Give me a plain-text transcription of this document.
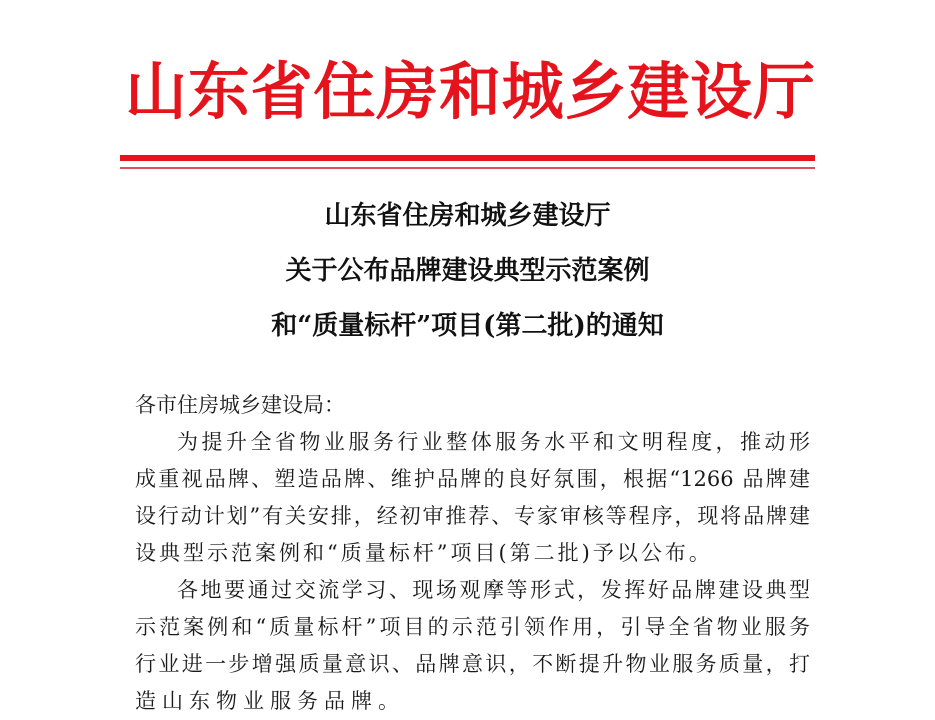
山东省住房和城乡建设厅
山东省住房和城乡建设厅
关于公布品牌建设典型示范案例
和“质量标杆”项目(第二批)的通知
各市住房城乡建设局：
为提升全省物业服务行业整体服务水平和文明程度，推动形
成重视品牌、塑造品牌、维护品牌的良好氛围，根据“1266 品牌建
设行动计划”有关安排，经初审推荐、专家审核等程序，现将品牌建
设典型示范案例和“质量标杆”项目(第二批)予以公布。
各地要通过交流学习、现场观摩等形式，发挥好品牌建设典型
示范案例和“质量标杆”项目的示范引领作用，引导全省物业服务
行业进一步增强质量意识、品牌意识，不断提升物业服务质量，打
造山东物业服务品牌。
